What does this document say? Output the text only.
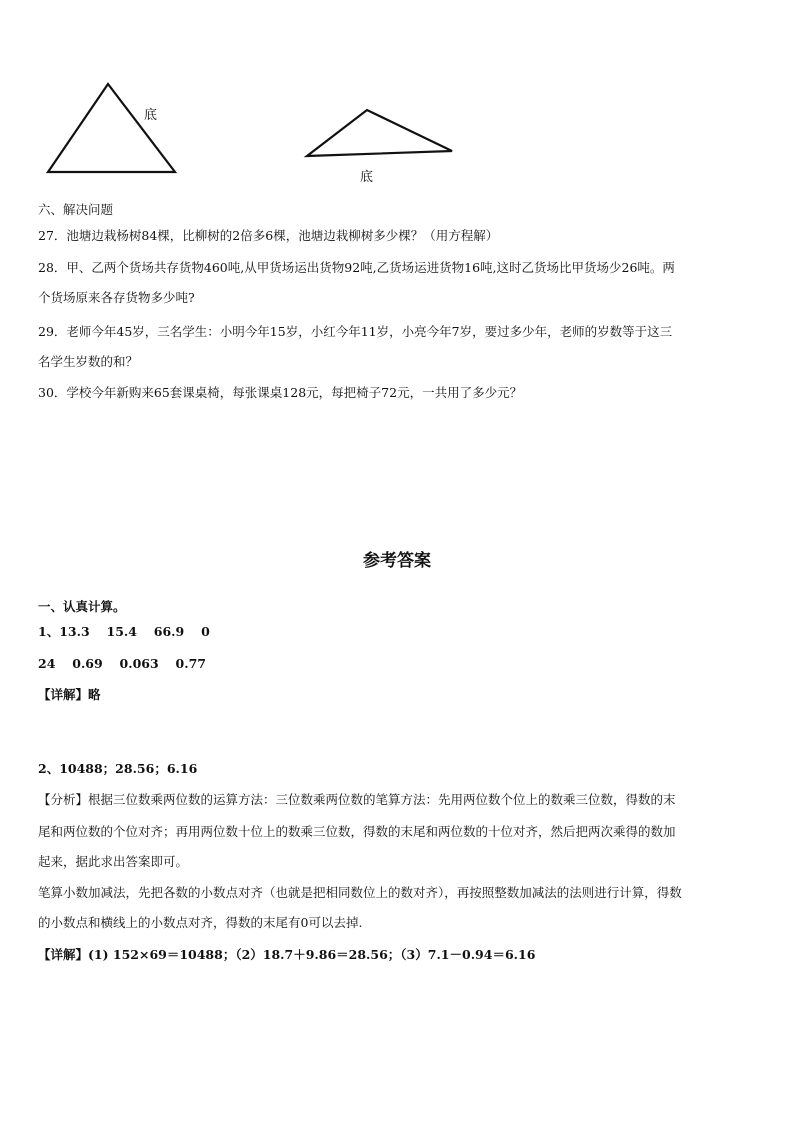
底
底
六、解决问题
27．池塘边栽杨树84棵，比柳树的2倍多6棵，池塘边栽柳树多少棵？（用方程解）
28．甲、乙两个货场共存货物460吨,从甲货场运出货物92吨,乙货场运进货物16吨,这时乙货场比甲货场少26吨。两
个货场原来各存货物多少吨?
29．老师今年45岁，三名学生：小明今年15岁，小红今年11岁，小亮今年7岁，要过多少年，老师的岁数等于这三
名学生岁数的和？
30．学校今年新购来65套课桌椅，每张课桌128元，每把椅子72元，一共用了多少元？
参考答案
一、认真计算。
1、13.3　 15.4　 66.9　 0
24　 0.69　 0.063　 0.77
【详解】略
2、10488；28.56；6.16
【分析】根据三位数乘两位数的运算方法：三位数乘两位数的笔算方法：先用两位数个位上的数乘三位数，得数的末
尾和两位数的个位对齐；再用两位数十位上的数乘三位数，得数的末尾和两位数的十位对齐，然后把两次乘得的数加
起来，据此求出答案即可。
笔算小数加减法，先把各数的小数点对齐（也就是把相同数位上的数对齐），再按照整数加减法的法则进行计算，得数
的小数点和横线上的小数点对齐，得数的末尾有0可以去掉.
【详解】(1) 152×69＝10488；（2）18.7＋9.86＝28.56；（3）7.1－0.94＝6.16
